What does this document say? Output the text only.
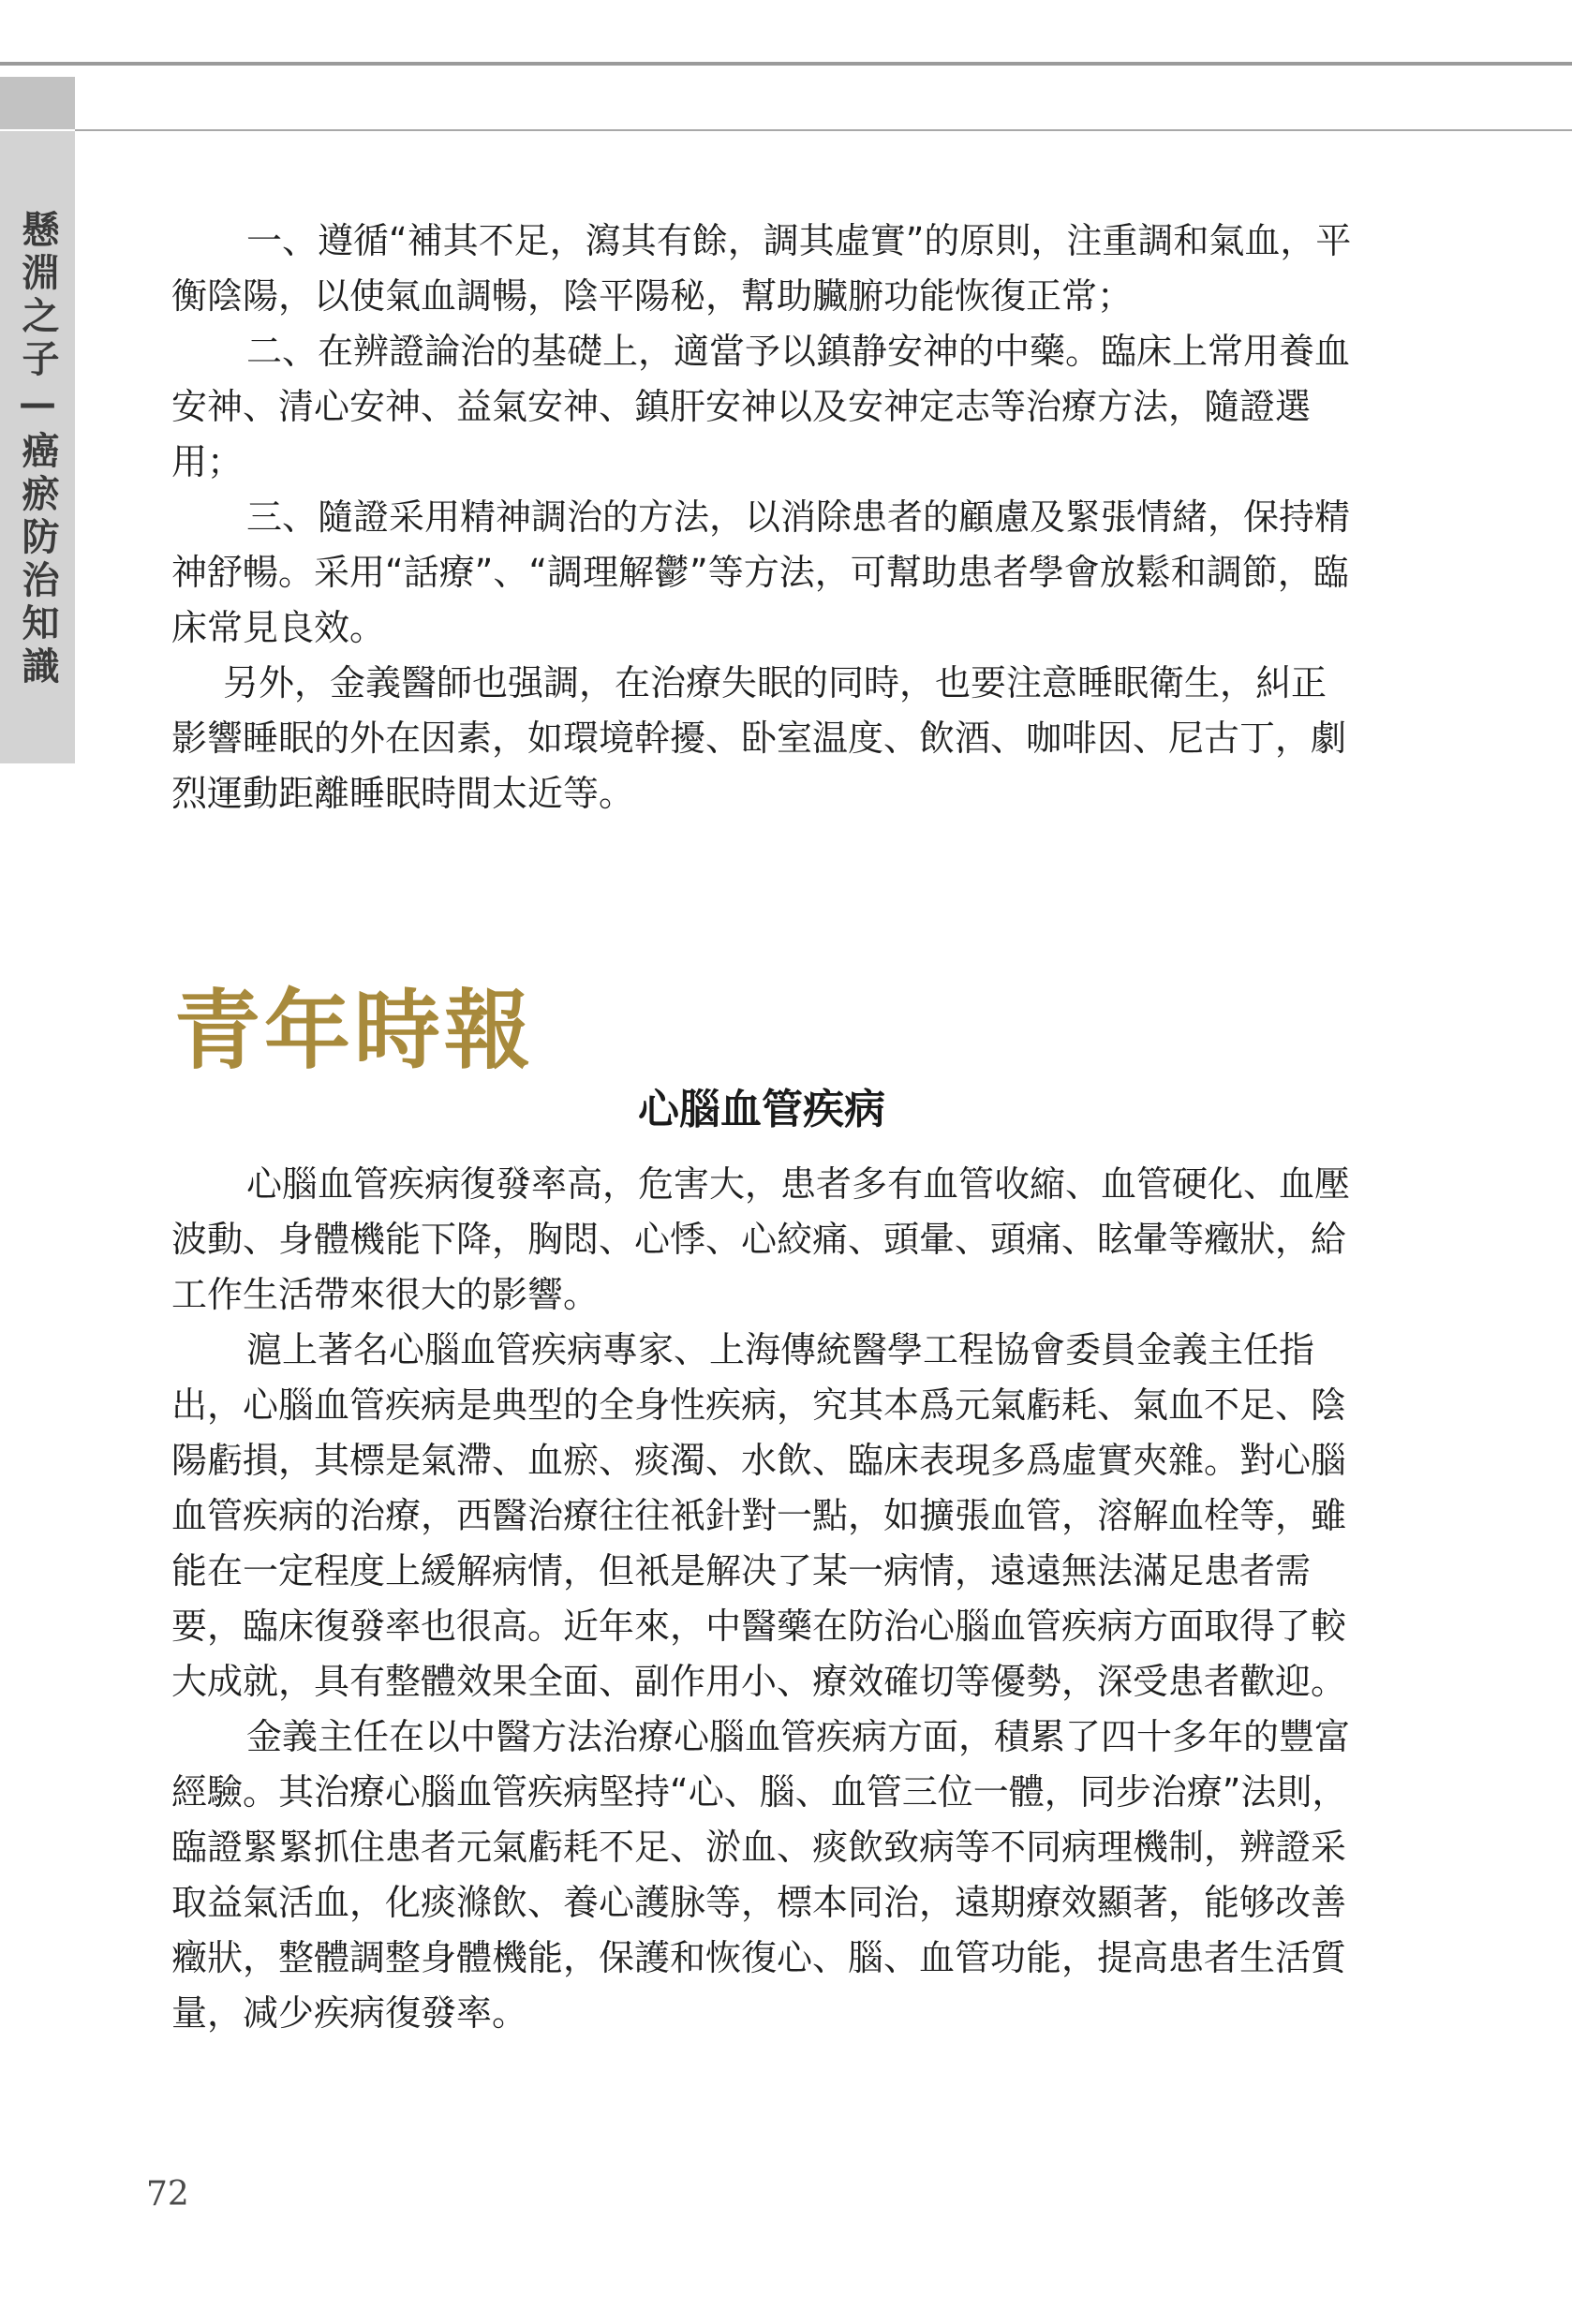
懸淵之子—癌瘀防治知識	一、遵循“補其不足，瀉其有餘，調其虛實”的原則，注重調和氣血，平衡陰陽，以使氣血調暢，陰平陽秘，幫助臟腑功能恢復正常；

二、在辨證論治的基礎上，適當予以鎮静安神的中藥。臨床上常用養血安神、清心安神、益氣安神、鎮肝安神以及安神定志等治療方法，隨證選用；

三、隨證采用精神調治的方法，以消除患者的顧慮及緊張情緒，保持精神舒暢。采用“話療”、“調理解鬱”等方法，可幫助患者學會放鬆和調節，臨床常見良效。

另外，金義醫師也强調，在治療失眠的同時，也要注意睡眠衛生，糾正影響睡眠的外在因素，如環境幹擾、卧室温度、飲酒、咖啡因、尼古丁，劇烈運動距離睡眠時間太近等。

青年時報
心腦血管疾病

心腦血管疾病復發率高，危害大，患者多有血管收縮、血管硬化、血壓波動、身體機能下降，胸悶、心悸、心絞痛、頭暈、頭痛、眩暈等癥狀，給工作生活帶來很大的影響。

滬上著名心腦血管疾病專家、上海傳統醫學工程協會委員金義主任指出，心腦血管疾病是典型的全身性疾病，究其本爲元氣虧耗、氣血不足、陰陽虧損，其標是氣滯、血瘀、痰濁、水飲、臨床表現多爲虛實夾雜。對心腦血管疾病的治療，西醫治療往往衹針對一點，如擴張血管，溶解血栓等，雖能在一定程度上緩解病情，但衹是解决了某一病情，遠遠無法滿足患者需要，臨床復發率也很高。近年來，中醫藥在防治心腦血管疾病方面取得了較大成就，具有整體效果全面、副作用小、療效確切等優勢，深受患者歡迎。

金義主任在以中醫方法治療心腦血管疾病方面，積累了四十多年的豐富經驗。其治療心腦血管疾病堅持“心、腦、血管三位一體，同步治療”法則，臨證緊緊抓住患者元氣虧耗不足、淤血、痰飲致病等不同病理機制，辨證采取益氣活血，化痰滌飲、養心護脉等，標本同治，遠期療效顯著，能够改善癥狀，整體調整身體機能，保護和恢復心、腦、血管功能，提高患者生活質量，减少疾病復發率。

72
